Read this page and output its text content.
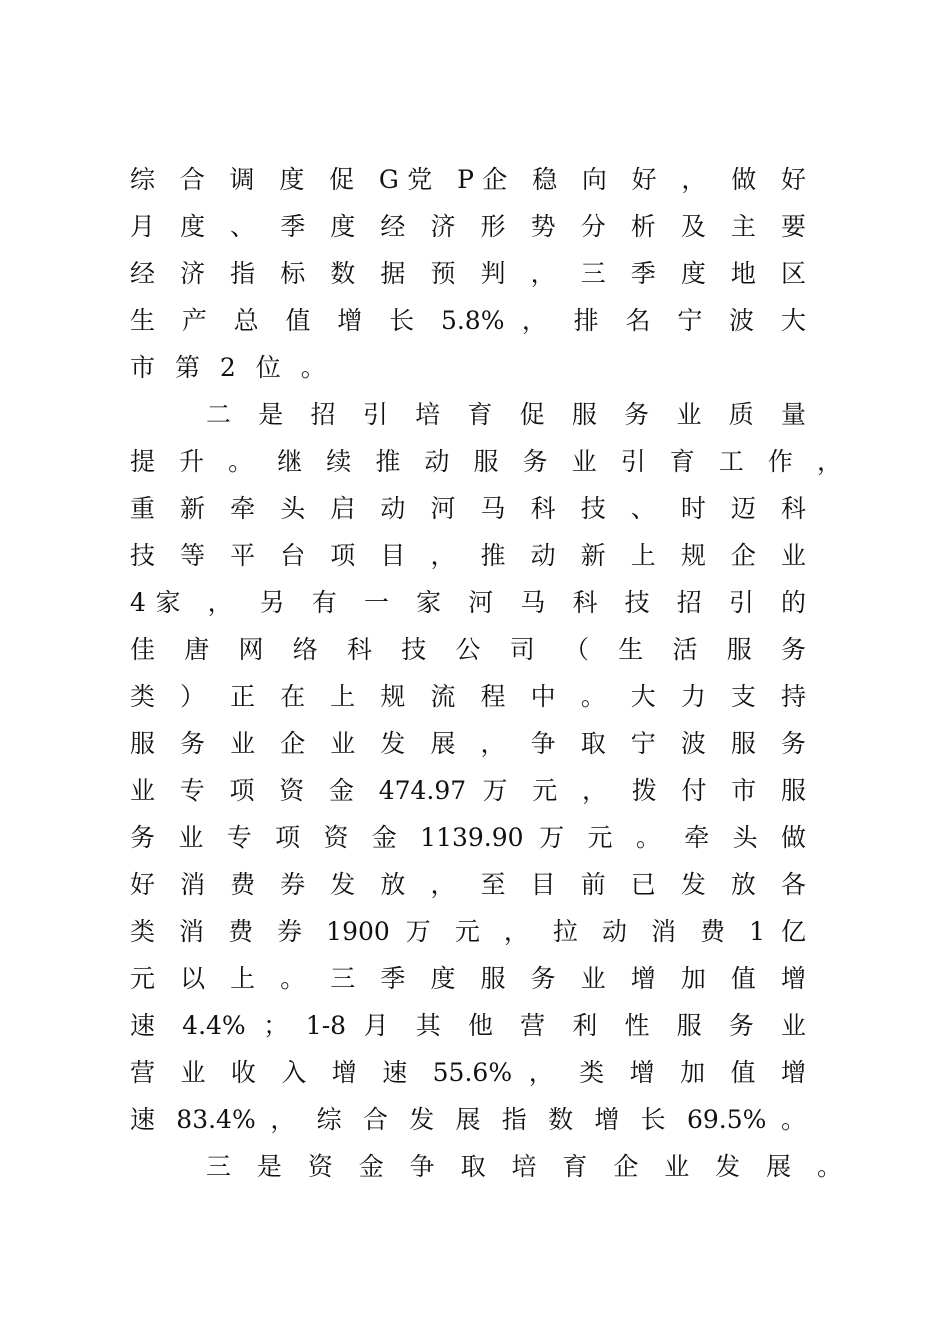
综 合 调 度 促 G党 P企 稳 向 好 ， 做 好
月 度 、 季 度 经 济 形 势 分 析 及 主 要
经 济 指 标 数 据 预 判 ， 三 季 度 地 区
生 产 总 值 增 长 5.8% ， 排 名 宁 波 大
市 第 2 位 。
二 是 招 引 培 育 促 服 务 业 质 量
提 升 。 继 续 推 动 服 务 业 引 育 工 作 ，
重 新 牵 头 启 动 河 马 科 技 、 时 迈 科
技 等 平 台 项 目 ， 推 动 新 上 规 企 业
4家 ， 另 有 一 家 河 马 科 技 招 引 的
佳 唐 网 络 科 技 公 司 （ 生 活 服 务
类 ） 正 在 上 规 流 程 中 。 大 力 支 持
服 务 业 企 业 发 展 ， 争 取 宁 波 服 务
业 专 项 资 金 474.97 万 元 ， 拨 付 市 服
务 业 专 项 资 金 1139.90 万 元 。 牵 头 做
好 消 费 券 发 放 ， 至 目 前 已 发 放 各
类 消 费 券 1900 万 元 ， 拉 动 消 费 1 亿
元 以 上 。 三 季 度 服 务 业 增 加 值 增
速 4.4% ； 1-8 月 其 他 营 利 性 服 务 业
营 业 收 入 增 速 55.6% ， 类 增 加 值 增
速 83.4% ， 综 合 发 展 指 数 增 长 69.5% 。
三 是 资 金 争 取 培 育 企 业 发 展 。
